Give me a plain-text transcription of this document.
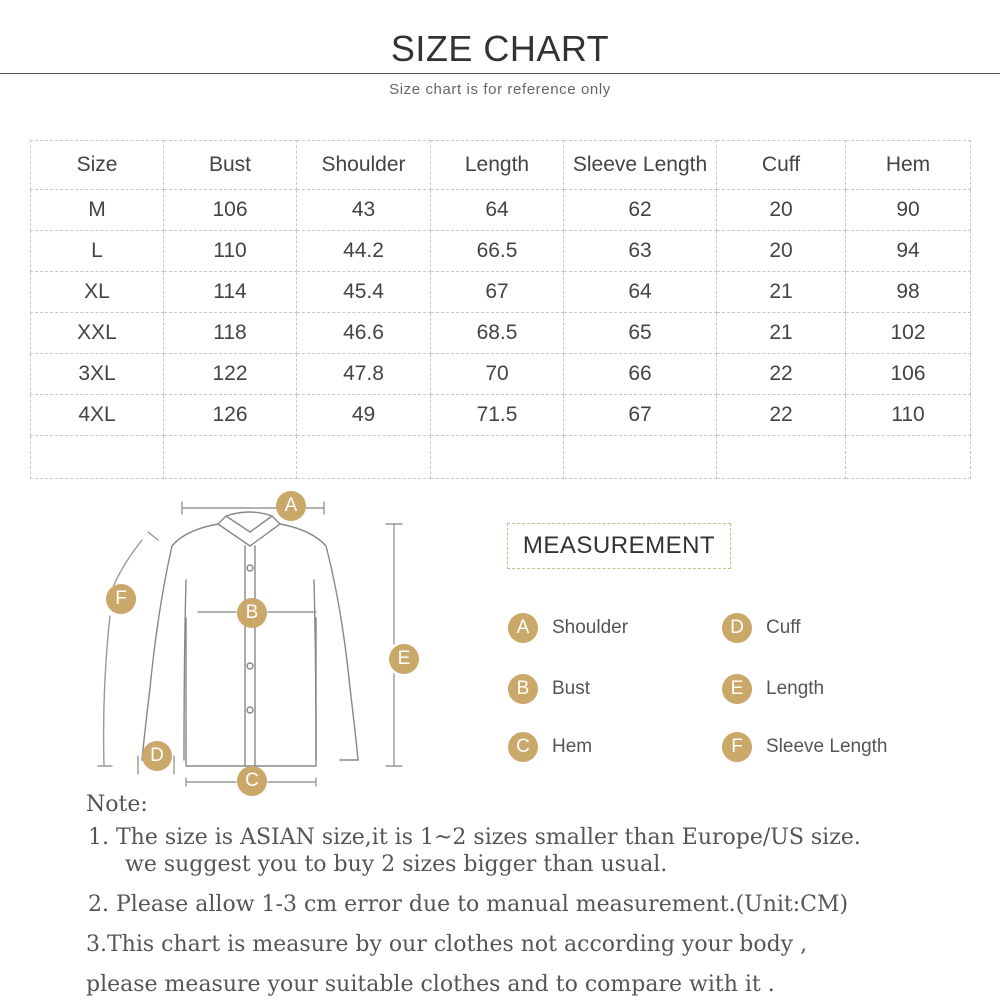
SIZE CHART
Size chart is for reference only
Size	Bust	Shoulder	Length	Sleeve Length	Cuff	Hem
M	106	43	64	62	20	90
L	110	44.2	66.5	63	20	94
XL	114	45.4	67	64	21	98
XXL	118	46.6	68.5	65	21	102
3XL	122	47.8	70	66	22	106
4XL	126	49	71.5	67	22	110

A
B
C
D
E
F
MEASUREMENT
A	Shoulder	D	Cuff
B	Bust	E	Length
C	Hem	F	Sleeve Length
Note:
1. The size is ASIAN size,it is 1~2 sizes smaller than Europe/US size.
we suggest you to buy 2 sizes bigger than usual.
2. Please allow 1-3 cm error due to manual measurement.(Unit:CM)
3.This chart is measure by our clothes not according your body ,
please measure your suitable clothes and to compare with it .
